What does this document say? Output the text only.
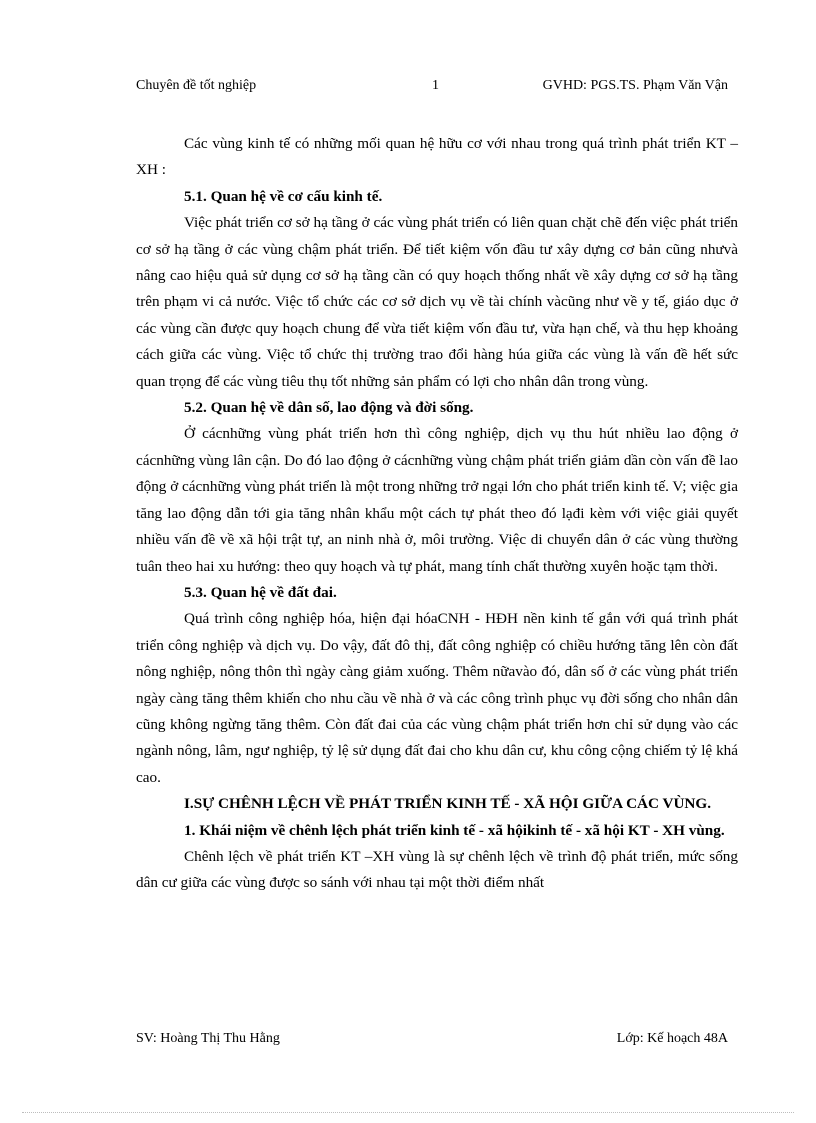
Chuyên đề tốt nghiệp	1	GVHD: PGS.TS. Phạm Văn Vận

Các vùng kinh tế có những mối quan hệ hữu cơ với nhau trong quá trình phát triển KT – XH :

5.1. Quan hệ về cơ cấu kinh tế.

Việc phát triển cơ sở hạ tầng ở các vùng phát triển có liên quan chặt chẽ đến việc phát triển cơ sở hạ tầng ở các vùng chậm phát triển. Để tiết kiệm vốn đầu tư xây dựng cơ bản cũng nhưvà nâng cao hiệu quả sử dụng cơ sở hạ tầng cần có quy hoạch thống nhất về xây dựng cơ sở hạ tầng trên phạm vi cả nước. Việc tổ chức các cơ sở dịch vụ về tài chính vàcũng như về y tế, giáo dục ở các vùng cần được quy hoạch chung để vừa tiết kiệm vốn đầu tư, vừa hạn chế, và thu hẹp khoảng cách giữa các vùng. Việc tổ chức thị trường trao đổi hàng húa giữa các vùng là vấn đề hết sức quan trọng để các vùng tiêu thụ tốt những sản phẩm có lợi cho nhân dân trong vùng.

5.2. Quan hệ về dân số, lao động và đời sống.

Ở cácnhững vùng phát triển hơn thì công nghiệp, dịch vụ thu hút nhiều lao động ở cácnhững vùng lân cận. Do đó lao động ở cácnhững vùng chậm phát triển giảm dần còn vấn đề lao động ở cácnhững vùng phát triển là một trong những trở ngại lớn cho phát triển kinh tế. V; việc gia tăng lao động dẫn tới gia tăng nhân khẩu một cách tự phát theo đó lạđi kèm với việc giải quyết nhiều vấn đề về xã hội trật tự, an ninh nhà ở, môi trường. Việc di chuyển dân ở các vùng thường tuân theo hai xu hướng: theo quy hoạch và tự phát, mang tính chất thường xuyên hoặc tạm thời.

5.3. Quan hệ về đất đai.

Quá trình công nghiệp hóa, hiện đại hóaCNH - HĐH nền kinh tế gắn với quá trình phát triển công nghiệp và dịch vụ. Do vậy, đất đô thị, đất công nghiệp có chiều hướng tăng lên còn đất nông nghiệp, nông thôn thì ngày càng giảm xuống. Thêm nữavào đó, dân số ở các vùng phát triển ngày càng tăng thêm khiến cho nhu cầu về nhà ở và các công trình phục vụ đời sống cho nhân dân cũng không ngừng tăng thêm. Còn đất đai của các vùng chậm phát triển hơn chỉ sử dụng vào các ngành nông, lâm, ngư nghiệp, tỷ lệ sử dụng đất đai cho khu dân cư, khu công cộng chiếm tỷ lệ khá cao.

I.SỰ CHÊNH LỆCH VỀ PHÁT TRIỂN KINH TẾ - XÃ HỘI GIỮA CÁC VÙNG.

1. Khái niệm về chênh lệch phát triển kinh tế - xã hộikinh tế - xã hội KT - XH vùng.

Chênh lệch về phát triển KT –XH vùng là sự chênh lệch về trình độ phát triển, mức sống dân cư giữa các vùng được so sánh với nhau tại một thời điểm nhất

SV: Hoàng Thị Thu Hằng	Lớp: Kế hoạch 48A
